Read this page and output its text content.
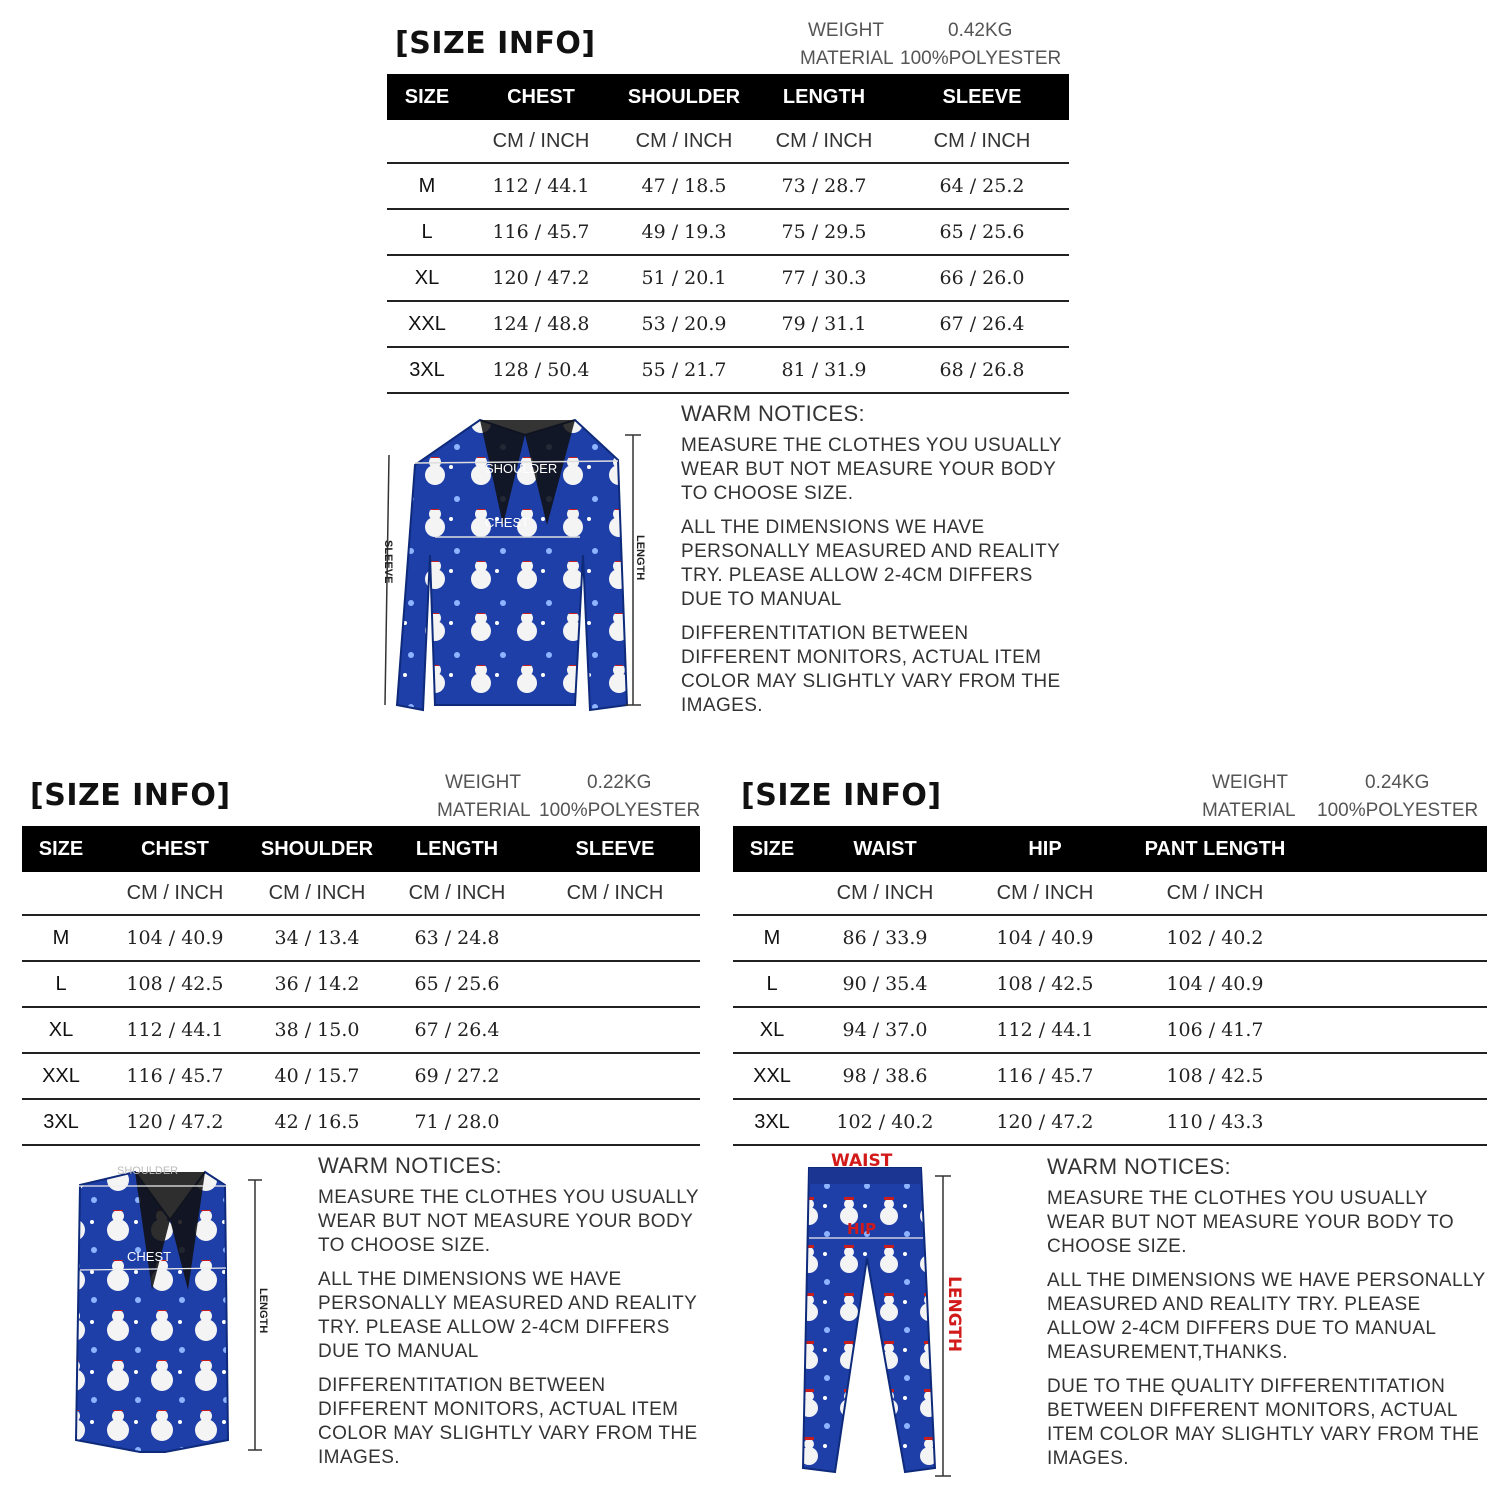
[SIZE INFO]	WEIGHT	0.42KG
MATERIAL 100%POLYESTER
SIZE	CHEST	SHOULDER	LENGTH	SLEEVE
	CM / INCH	CM / INCH	CM / INCH	CM / INCH
M	112 / 44.1	47 / 18.5	73 / 28.7	64 / 25.2
L	116 / 45.7	49 / 19.3	75 / 29.5	65 / 25.6
XL	120 / 47.2	51 / 20.1	77 / 30.3	66 / 26.0
XXL	124 / 48.8	53 / 20.9	79 / 31.1	67 / 26.4
3XL	128 / 50.4	55 / 21.7	81 / 31.9	68 / 26.8
SHOULDER
CHEST
SLEEVE	LENGTH
WARM NOTICES:

MEASURE THE CLOTHES YOU USUALLY WEAR BUT NOT MEASURE YOUR BODY TO CHOOSE SIZE.

ALL THE DIMENSIONS WE HAVE PERSONALLY MEASURED AND REALITY TRY. PLEASE ALLOW 2-4CM DIFFERS DUE TO MANUAL

DIFFERENTITATION BETWEEN DIFFERENT MONITORS, ACTUAL ITEM COLOR MAY SLIGHTLY VARY FROM THE IMAGES.

[SIZE INFO]	WEIGHT	0.22KG
MATERIAL 100%POLYESTER
SIZE	CHEST	SHOULDER	LENGTH	SLEEVE
	CM / INCH	CM / INCH	CM / INCH	CM / INCH
M	104 / 40.9	34 / 13.4	63 / 24.8	
L	108 / 42.5	36 / 14.2	65 / 25.6	
XL	112 / 44.1	38 / 15.0	67 / 26.4	
XXL	116 / 45.7	40 / 15.7	69 / 27.2	
3XL	120 / 47.2	42 / 16.5	71 / 28.0	
SHOULDER
CHEST
LENGTH
WARM NOTICES:

MEASURE THE CLOTHES YOU USUALLY WEAR BUT NOT MEASURE YOUR BODY TO CHOOSE SIZE.

ALL THE DIMENSIONS WE HAVE PERSONALLY MEASURED AND REALITY TRY. PLEASE ALLOW 2-4CM DIFFERS DUE TO MANUAL

DIFFERENTITATION BETWEEN DIFFERENT MONITORS, ACTUAL ITEM COLOR MAY SLIGHTLY VARY FROM THE IMAGES.

[SIZE INFO]	WEIGHT	0.24KG
MATERIAL 100%POLYESTER
SIZE	WAIST	HIP	PANT LENGTH	
	CM / INCH	CM / INCH	CM / INCH	
M	86 / 33.9	104 / 40.9	102 / 40.2	
L	90 / 35.4	108 / 42.5	104 / 40.9	
XL	94 / 37.0	112 / 44.1	106 / 41.7	
XXL	98 / 38.6	116 / 45.7	108 / 42.5	
3XL	102 / 40.2	120 / 47.2	110 / 43.3	
WAIST
HIP
LENGTH
WARM NOTICES:

MEASURE THE CLOTHES YOU USUALLY WEAR BUT NOT MEASURE YOUR BODY TO CHOOSE SIZE.

ALL THE DIMENSIONS WE HAVE PERSONALLY MEASURED AND REALITY TRY. PLEASE ALLOW 2-4CM DIFFERS DUE TO MANUAL MEASUREMENT,THANKS.

DUE TO THE QUALITY DIFFERENTITATION BETWEEN DIFFERENT MONITORS, ACTUAL ITEM COLOR MAY SLIGHTLY VARY FROM THE IMAGES.
